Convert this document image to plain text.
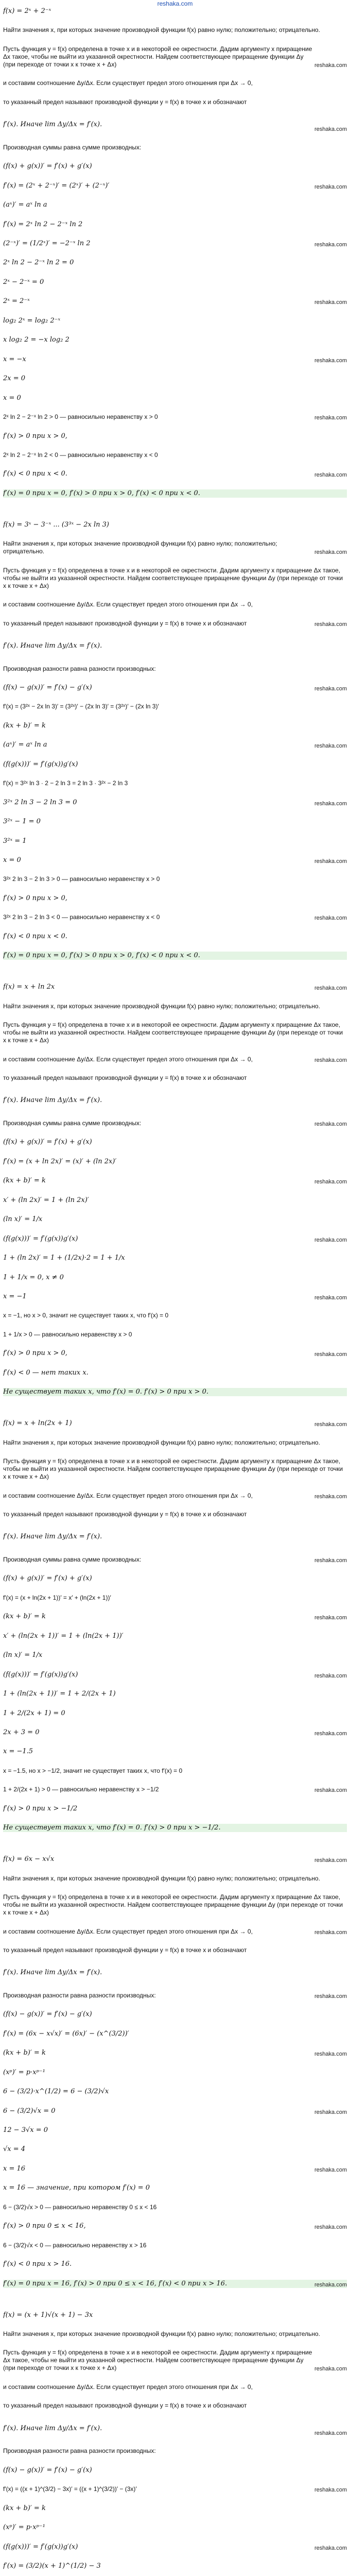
reshaka.com
f(x) = 2ˣ + 2⁻ˣ
Найти значения x, при которых значение производной функции f(x) равно нулю; положительно; отрицательно.
Пусть функция y = f(x) определена в точке x и в некоторой ее окрестности. Дадим аргументу x приращение Δx такое, чтобы не выйти из указанной окрестности. Найдем соответствующее приращение функции Δy (при переходе от точки x к точке x + Δx)	reshaka.com
и составим соотношение Δy/Δx. Если существует предел этого отношения при Δx → 0,
то указанный предел называют производной функции y = f(x) в точке x и обозначают
f′(x). Иначе lim Δy/Δx = f′(x).
reshaka.com
Производная суммы равна сумме производных:
(f(x) + g(x))′ = f′(x) + g′(x)
f′(x) = (2ˣ + 2⁻ˣ)′ = (2ˣ)′ + (2⁻ˣ)′	reshaka.com
(aˣ)′ = aˣ ln a
f′(x) = 2ˣ ln 2 − 2⁻ˣ ln 2
(2⁻ˣ)′ = (1/2ˣ)′ = −2⁻ˣ ln 2	reshaka.com
2ˣ ln 2 − 2⁻ˣ ln 2 = 0
2ˣ − 2⁻ˣ = 0
2ˣ = 2⁻ˣ	reshaka.com
log₂ 2ˣ = log₂ 2⁻ˣ
x log₂ 2 = −x log₂ 2
x = −x	reshaka.com
2x = 0
x = 0
2ˣ ln 2 − 2⁻ˣ ln 2 > 0 — равносильно неравенству x > 0	reshaka.com
f′(x) > 0 при x > 0,
2ˣ ln 2 − 2⁻ˣ ln 2 < 0 — равносильно неравенству x < 0
f′(x) < 0 при x < 0.	reshaka.com
f′(x) = 0 при x = 0, f′(x) > 0 при x > 0, f′(x) < 0 при x < 0.
f(x) = 3ˣ − 3⁻ˣ ... (3³ˣ − 2x ln 3)
Найти значения x, при которых значение производной функции f(x) равно нулю; положительно; отрицательно.	reshaka.com
Пусть функция y = f(x) определена в точке x и в некоторой ее окрестности. Дадим аргументу x приращение Δx такое, чтобы не выйти из указанной окрестности. Найдем соответствующее приращение функции Δy (при переходе от точки x к точке x + Δx)
и составим соотношение Δy/Δx. Если существует предел этого отношения при Δx → 0,
то указанный предел называют производной функции y = f(x) в точке x и обозначают	reshaka.com
f′(x). Иначе lim Δy/Δx = f′(x).
Производная разности равна разности производных:
(f(x) − g(x))′ = f′(x) − g′(x)	reshaka.com
f′(x) = (3²ˣ − 2x ln 3)′ = (3²ˣ)′ − (2x ln 3)′ = (3²ˣ)′ − (2x ln 3)′
(kx + b)′ = k
(aˣ)′ = aˣ ln a	reshaka.com
(f(g(x)))′ = f′(g(x))g′(x)
f′(x) = 3²ˣ ln 3 · 2 − 2 ln 3 = 2 ln 3 · 3²ˣ − 2 ln 3
3²ˣ 2 ln 3 − 2 ln 3 = 0	reshaka.com
3²ˣ − 1 = 0
3²ˣ = 1
x = 0	reshaka.com
3²ˣ 2 ln 3 − 2 ln 3 > 0 — равносильно неравенству x > 0
f′(x) > 0 при x > 0,
3²ˣ 2 ln 3 − 2 ln 3 < 0 — равносильно неравенству x < 0	reshaka.com
f′(x) < 0 при x < 0.
f′(x) = 0 при x = 0, f′(x) > 0 при x > 0, f′(x) < 0 при x < 0.
f(x) = x + ln 2x	reshaka.com
Найти значения x, при которых значение производной функции f(x) равно нулю; положительно; отрицательно.
Пусть функция y = f(x) определена в точке x и в некоторой ее окрестности. Дадим аргументу x приращение Δx такое, чтобы не выйти из указанной окрестности. Найдем соответствующее приращение функции Δy (при переходе от точки x к точке x + Δx)
и составим соотношение Δy/Δx. Если существует предел этого отношения при Δx → 0,	reshaka.com
то указанный предел называют производной функции y = f(x) в точке x и обозначают
f′(x). Иначе lim Δy/Δx = f′(x).
Производная суммы равна сумме производных:	reshaka.com
(f(x) + g(x))′ = f′(x) + g′(x)
f′(x) = (x + ln 2x)′ = (x)′ + (ln 2x)′
(kx + b)′ = k	reshaka.com
x′ + (ln 2x)′ = 1 + (ln 2x)′
(ln x)′ = 1/x
(f(g(x)))′ = f′(g(x))g′(x)	reshaka.com
1 + (ln 2x)′ = 1 + (1/2x)·2 = 1 + 1/x
1 + 1/x = 0, x ≠ 0
x = −1	reshaka.com
x = −1, но x > 0, значит не существует таких x, что f′(x) = 0
1 + 1/x > 0 — равносильно неравенству x > 0
f′(x) > 0 при x > 0,	reshaka.com
f′(x) < 0 — нет таких x.
Не существует таких x, что f′(x) = 0. f′(x) > 0 при x > 0.
f(x) = x + ln(2x + 1)	reshaka.com
Найти значения x, при которых значение производной функции f(x) равно нулю; положительно; отрицательно.
Пусть функция y = f(x) определена в точке x и в некоторой ее окрестности. Дадим аргументу x приращение Δx такое, чтобы не выйти из указанной окрестности. Найдем соответствующее приращение функции Δy (при переходе от точки x к точке x + Δx)
и составим соотношение Δy/Δx. Если существует предел этого отношения при Δx → 0,	reshaka.com
то указанный предел называют производной функции y = f(x) в точке x и обозначают
f′(x). Иначе lim Δy/Δx = f′(x).
Производная суммы равна сумме производных:	reshaka.com
(f(x) + g(x))′ = f′(x) + g′(x)
f′(x) = (x + ln(2x + 1))′ = x′ + (ln(2x + 1))′
(kx + b)′ = k	reshaka.com
x′ + (ln(2x + 1))′ = 1 + (ln(2x + 1))′
(ln x)′ = 1/x
(f(g(x)))′ = f′(g(x))g′(x)	reshaka.com
1 + (ln(2x + 1))′ = 1 + 2/(2x + 1)
1 + 2/(2x + 1) = 0
2x + 3 = 0	reshaka.com
x = −1.5
x = −1.5, но x > −1/2, значит не существует таких x, что f′(x) = 0
1 + 2/(2x + 1) > 0 — равносильно неравенству x > −1/2	reshaka.com
f′(x) > 0 при x > −1/2
Не существует таких x, что f′(x) = 0. f′(x) > 0 при x > −1/2.
f(x) = 6x − x√x	reshaka.com
Найти значения x, при которых значение производной функции f(x) равно нулю; положительно; отрицательно.
Пусть функция y = f(x) определена в точке x и в некоторой ее окрестности. Дадим аргументу x приращение Δx такое, чтобы не выйти из указанной окрестности. Найдем соответствующее приращение функции Δy (при переходе от точки x к точке x + Δx)
и составим соотношение Δy/Δx. Если существует предел этого отношения при Δx → 0,	reshaka.com
то указанный предел называют производной функции y = f(x) в точке x и обозначают
f′(x). Иначе lim Δy/Δx = f′(x).
Производная разности равна разности производных:	reshaka.com
(f(x) − g(x))′ = f′(x) − g′(x)
f′(x) = (6x − x√x)′ = (6x)′ − (x^(3/2))′
(kx + b)′ = k	reshaka.com
(xᵖ)′ = p·xᵖ⁻¹
6 − (3/2)·x^(1/2) = 6 − (3/2)√x
6 − (3/2)√x = 0	reshaka.com
12 − 3√x = 0
√x = 4
x = 16	reshaka.com
x = 16 — значение, при котором f′(x) = 0
6 − (3/2)√x > 0 — равносильно неравенству 0 ≤ x < 16
f′(x) > 0 при 0 ≤ x < 16,	reshaka.com
6 − (3/2)√x < 0 — равносильно неравенству x > 16
f′(x) < 0 при x > 16.
f′(x) = 0 при x = 16, f′(x) > 0 при 0 ≤ x < 16, f′(x) < 0 при x > 16.	reshaka.com
f(x) = (x + 1)√(x + 1) − 3x
Найти значения x, при которых значение производной функции f(x) равно нулю; положительно; отрицательно.
Пусть функция y = f(x) определена в точке x и в некоторой ее окрестности. Дадим аргументу x приращение Δx такое, чтобы не выйти из указанной окрестности. Найдем соответствующее приращение функции Δy (при переходе от точки x к точке x + Δx)	reshaka.com
и составим соотношение Δy/Δx. Если существует предел этого отношения при Δx → 0,
то указанный предел называют производной функции y = f(x) в точке x и обозначают
f′(x). Иначе lim Δy/Δx = f′(x).
reshaka.com
Производная разности равна разности производных:
(f(x) − g(x))′ = f′(x) − g′(x)
f′(x) = ((x + 1)^(3/2) − 3x)′ = ((x + 1)^(3/2))′ − (3x)′	reshaka.com
(kx + b)′ = k
(xᵖ)′ = p·xᵖ⁻¹
(f(g(x)))′ = f′(g(x))g′(x)	reshaka.com
f′(x) = (3/2)(x + 1)^(1/2) − 3
